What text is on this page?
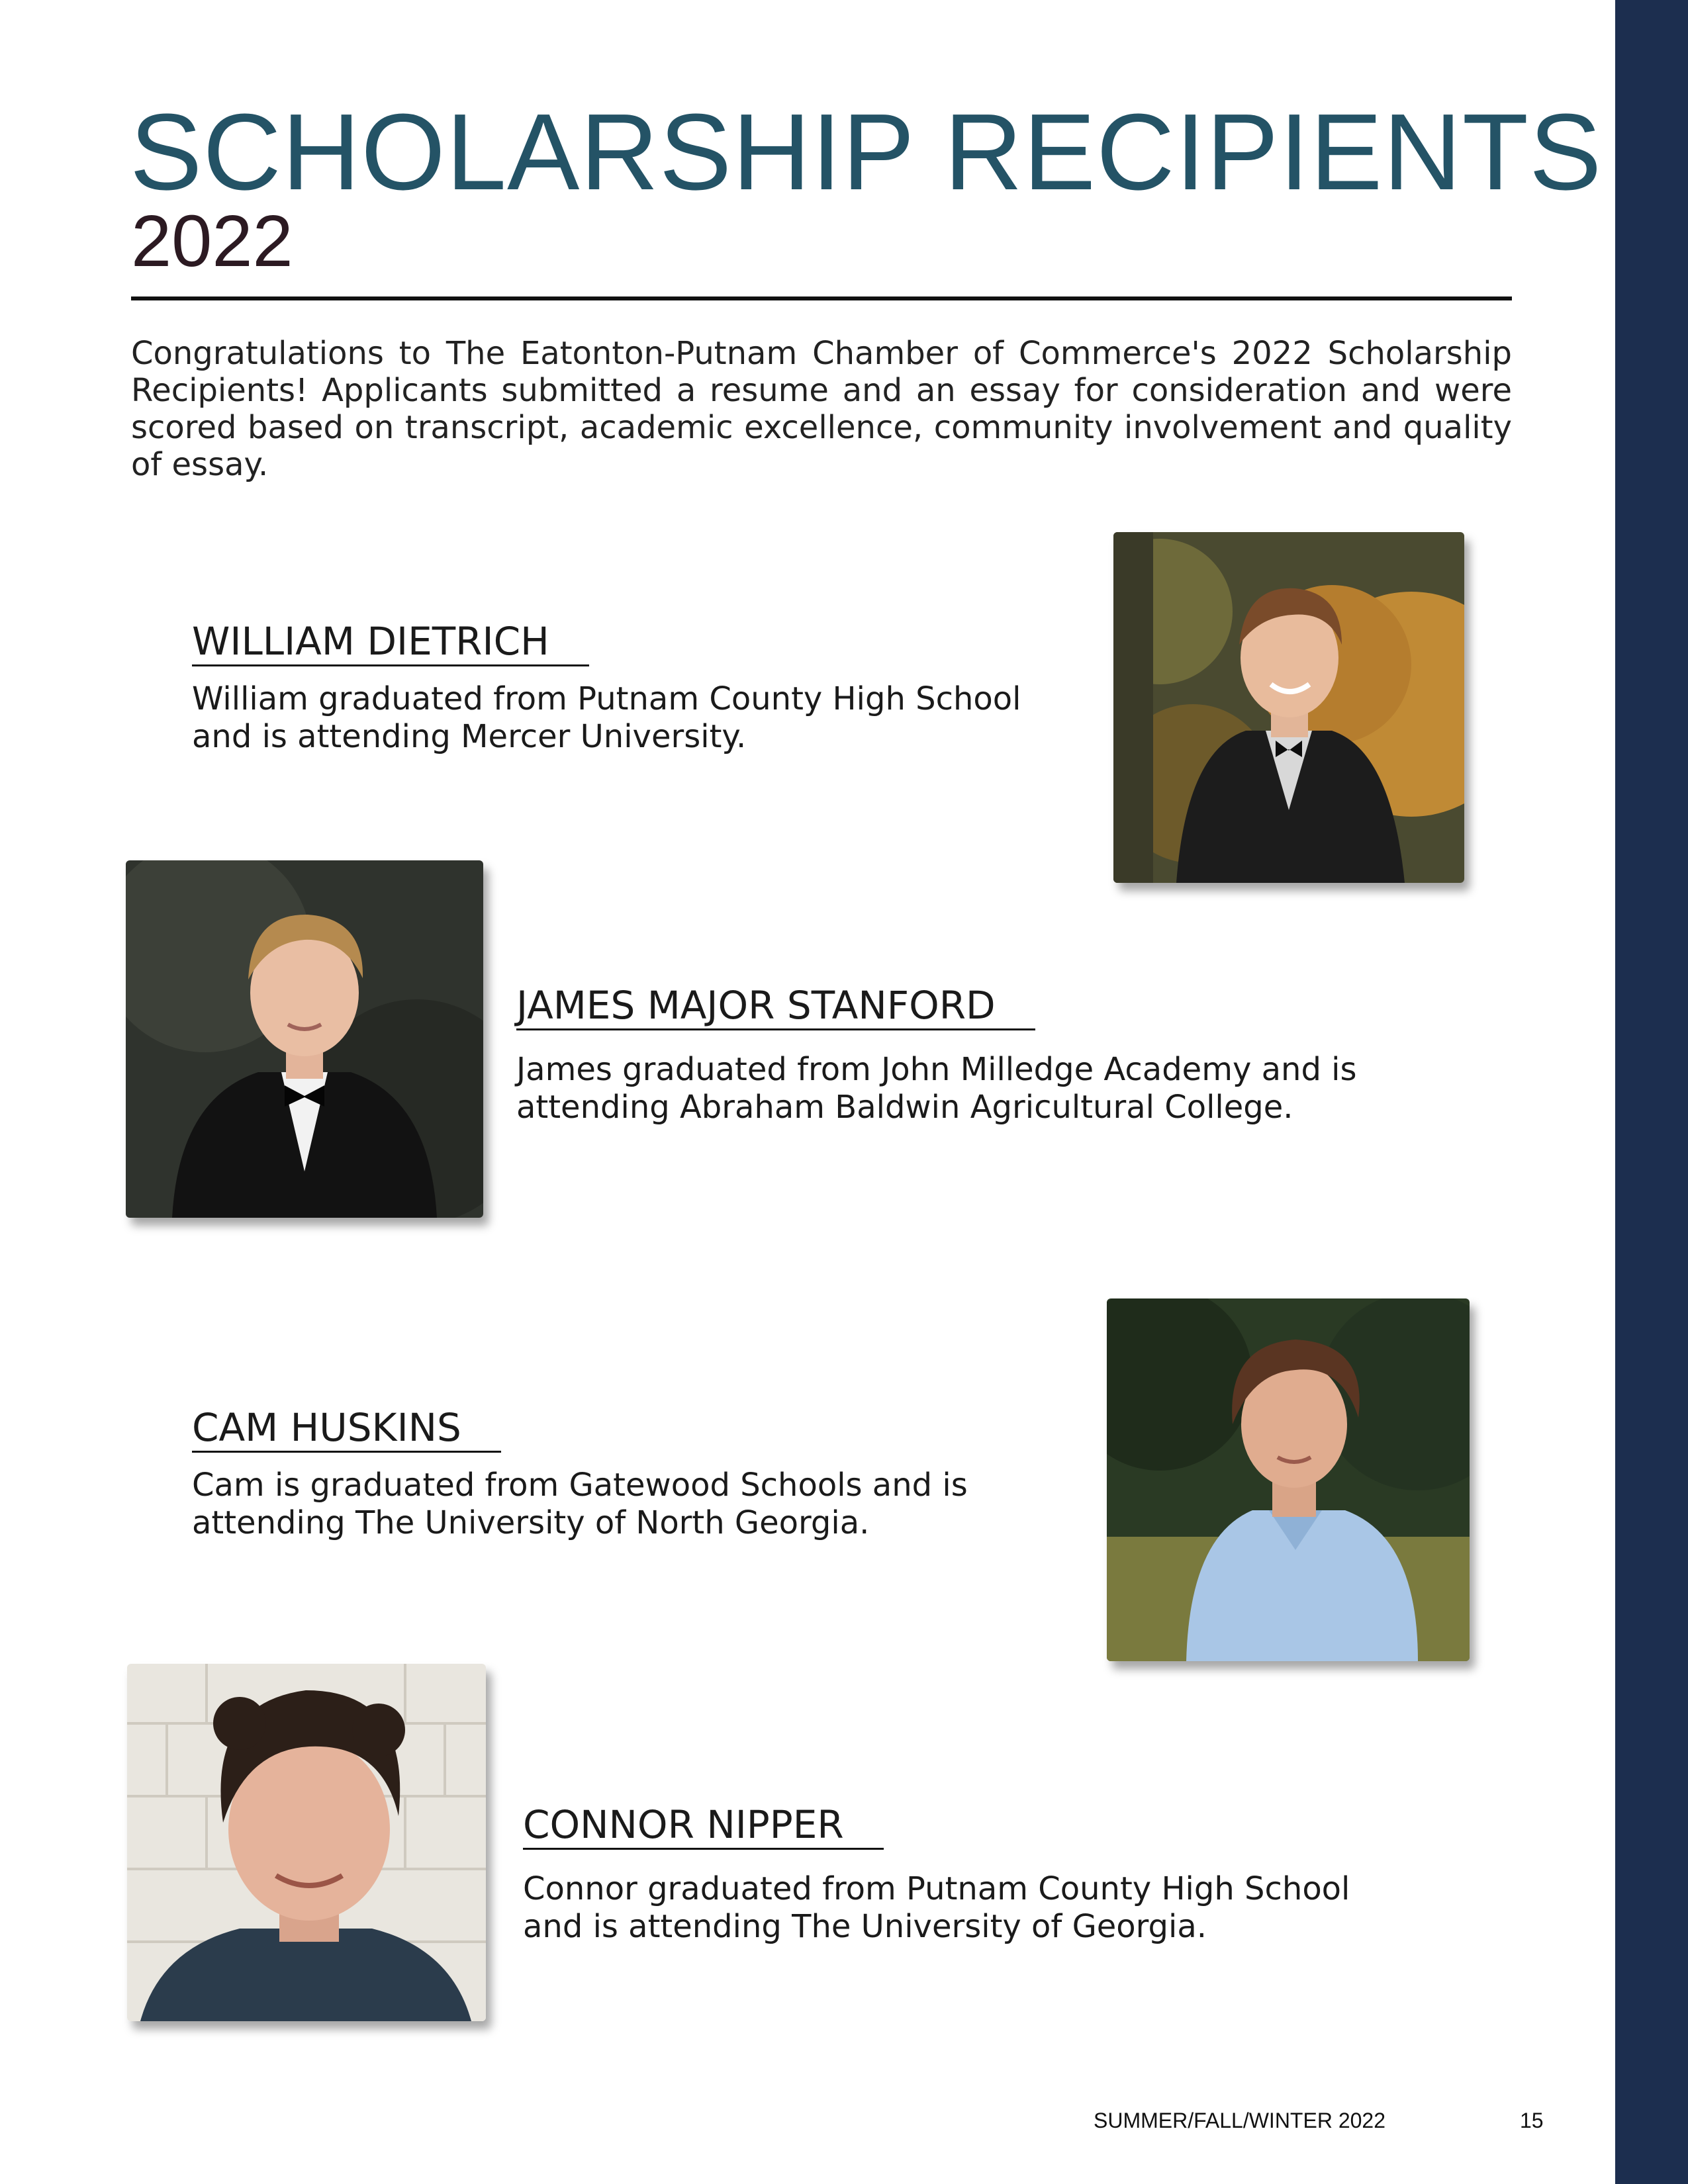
SCHOLARSHIP RECIPIENTS
2022
Congratulations to The Eatonton-Putnam Chamber of Commerce's 2022 Scholarship Recipients! Applicants submitted a resume and an essay for consideration and were scored based on transcript, academic excellence, community involvement and quality of essay.
WILLIAM DIETRICH
William graduated from Putnam County High School and is attending Mercer University.
JAMES MAJOR STANFORD
James graduated from John Milledge Academy and is attending Abraham Baldwin Agricultural College.
CAM HUSKINS
Cam is graduated from Gatewood Schools and is attending The University of North Georgia.
CONNOR NIPPER
Connor graduated from Putnam County High School and is attending The University of Georgia.
SUMMER/FALL/WINTER 2022	15
